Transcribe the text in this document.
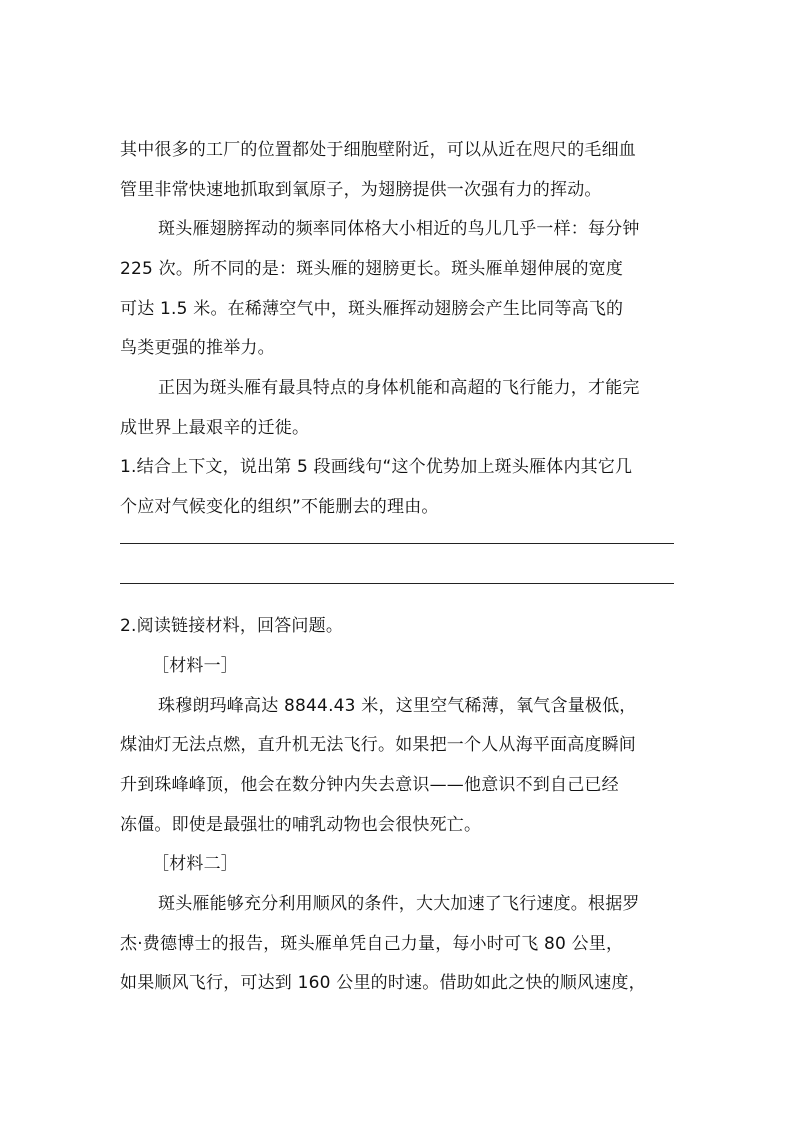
其中很多的工厂的位置都处于细胞壁附近，可以从近在咫尺的毛细血
管里非常快速地抓取到氧原子，为翅膀提供一次强有力的挥动。
斑头雁翅膀挥动的频率同体格大小相近的鸟儿几乎一样：每分钟
225 次。所不同的是：斑头雁的翅膀更长。斑头雁单翅伸展的宽度
可达 1.5 米。在稀薄空气中，斑头雁挥动翅膀会产生比同等高飞的
鸟类更强的推举力。
正因为斑头雁有最具特点的身体机能和高超的飞行能力，才能完
成世界上最艰辛的迁徙。
1.结合上下文，说出第 5 段画线句“这个优势加上斑头雁体内其它几
个应对气候变化的组织”不能删去的理由。
2.阅读链接材料，回答问题。
［材料一］
珠穆朗玛峰高达 8844.43 米，这里空气稀薄，氧气含量极低，
煤油灯无法点燃，直升机无法飞行。如果把一个人从海平面高度瞬间
升到珠峰峰顶，他会在数分钟内失去意识——他意识不到自己已经
冻僵。即使是最强壮的哺乳动物也会很快死亡。
［材料二］
斑头雁能够充分利用顺风的条件，大大加速了飞行速度。根据罗
杰·费德博士的报告，斑头雁单凭自己力量，每小时可飞 80 公里，
如果顺风飞行，可达到 160 公里的时速。借助如此之快的顺风速度，
